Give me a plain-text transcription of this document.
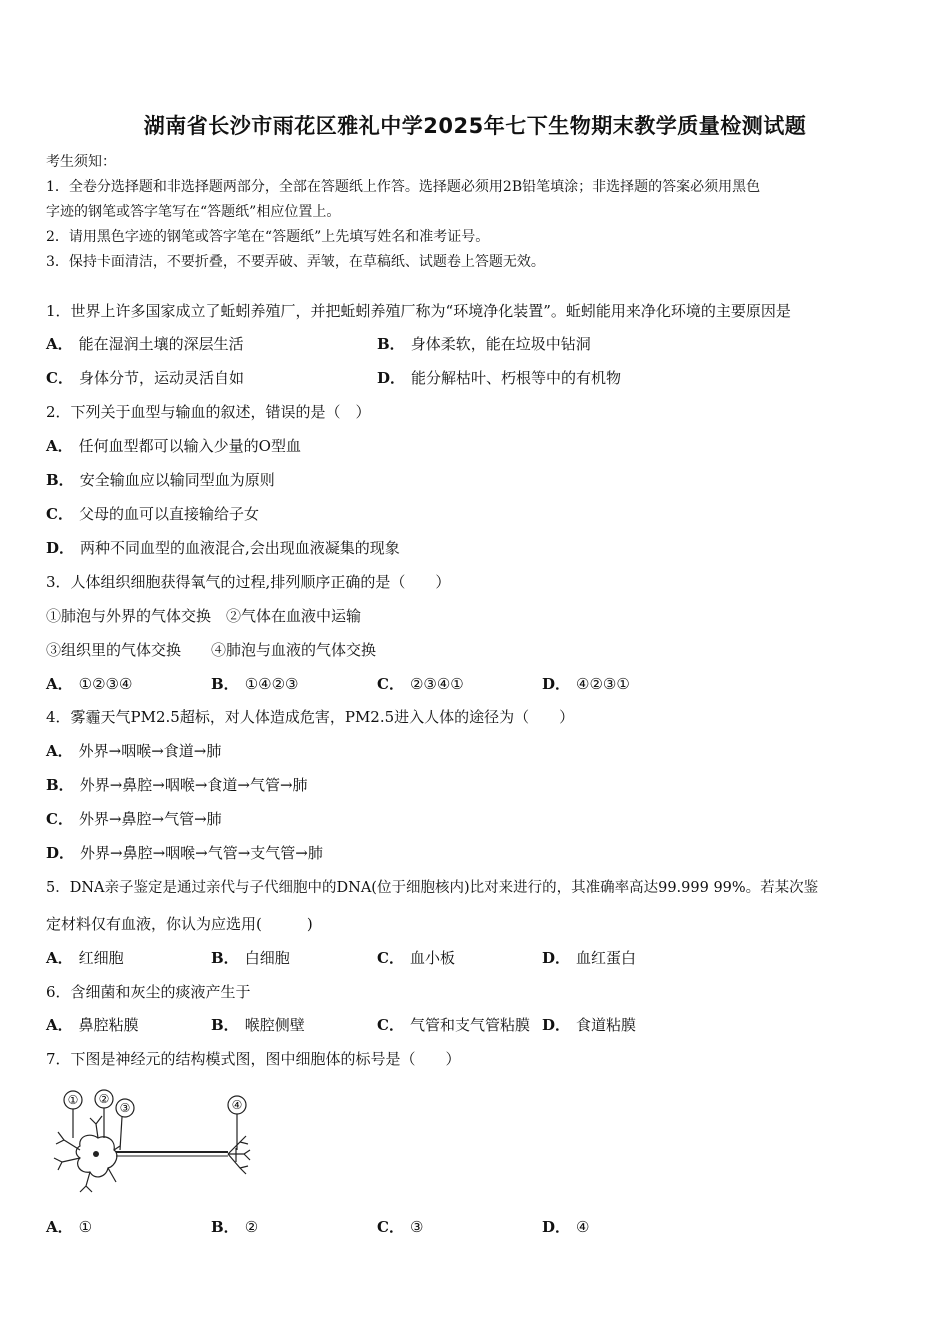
湖南省长沙市雨花区雅礼中学2025年七下生物期末教学质量检测试题
考生须知：
1．全卷分选择题和非选择题两部分，全部在答题纸上作答。选择题必须用2B铅笔填涂；非选择题的答案必须用黑色
字迹的钢笔或答字笔写在“答题纸”相应位置上。
2．请用黑色字迹的钢笔或答字笔在“答题纸”上先填写姓名和准考证号。
3．保持卡面清洁，不要折叠，不要弄破、弄皱，在草稿纸、试题卷上答题无效。
1．世界上许多国家成立了蚯蚓养殖厂，并把蚯蚓养殖厂称为“环境净化装置”。蚯蚓能用来净化环境的主要原因是
A． 能在湿润土壤的深层生活	B． 身体柔软，能在垃圾中钻洞
C． 身体分节，运动灵活自如	D． 能分解枯叶、朽根等中的有机物
2．下列关于血型与输血的叙述，错误的是（　）
A． 任何血型都可以输入少量的O型血
B． 安全输血应以输同型血为原则
C． 父母的血可以直接输给子女
D． 两种不同血型的血液混合,会出现血液凝集的现象
3．人体组织细胞获得氧气的过程,排列顺序正确的是（　　）
①肺泡与外界的气体交换　②气体在血液中运输
③组织里的气体交换　　④肺泡与血液的气体交换
A． ①②③④	B． ①④②③	C． ②③④①	D． ④②③①
4．雾霾天气PM2.5超标，对人体造成危害，PM2.5进入人体的途径为（　　）
A． 外界→咽喉→食道→肺
B． 外界→鼻腔→咽喉→食道→气管→肺
C． 外界→鼻腔→气管→肺
D． 外界→鼻腔→咽喉→气管→支气管→肺
5．DNA亲子鉴定是通过亲代与子代细胞中的DNA(位于细胞核内)比对来进行的，其准确率高达99.999 99%。若某次鉴
定材料仅有血液，你认为应选用(　　　)
A． 红细胞	B． 白细胞	C． 血小板	D． 血红蛋白
6．含细菌和灰尘的痰液产生于
A． 鼻腔粘膜	B． 喉腔侧壁	C． 气管和支气管粘膜 D． 食道粘膜
7．下图是神经元的结构模式图，图中细胞体的标号是（　　）
① ②
③	④
A． ①	B． ②	C． ③	D． ④
